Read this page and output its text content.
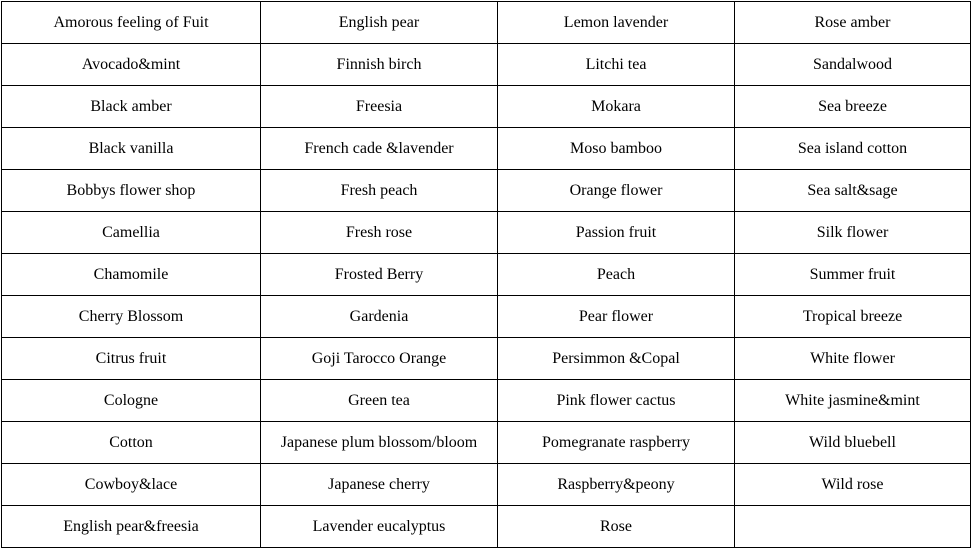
Amorous feeling of Fuit	English pear	Lemon lavender	Rose amber
Avocado&mint	Finnish birch	Litchi tea	Sandalwood
Black amber	Freesia	Mokara	Sea breeze
Black vanilla	French cade &lavender	Moso bamboo	Sea island cotton
Bobbys flower shop	Fresh peach	Orange flower	Sea salt&sage
Camellia	Fresh rose	Passion fruit	Silk flower
Chamomile	Frosted Berry	Peach	Summer fruit
Cherry Blossom	Gardenia	Pear flower	Tropical breeze
Citrus fruit	Goji Tarocco Orange	Persimmon &Copal	White flower
Cologne	Green tea	Pink flower cactus	White jasmine&mint
Cotton	Japanese plum blossom/bloom	Pomegranate raspberry	Wild bluebell
Cowboy&lace	Japanese cherry	Raspberry&peony	Wild rose
English pear&freesia	Lavender eucalyptus	Rose	
